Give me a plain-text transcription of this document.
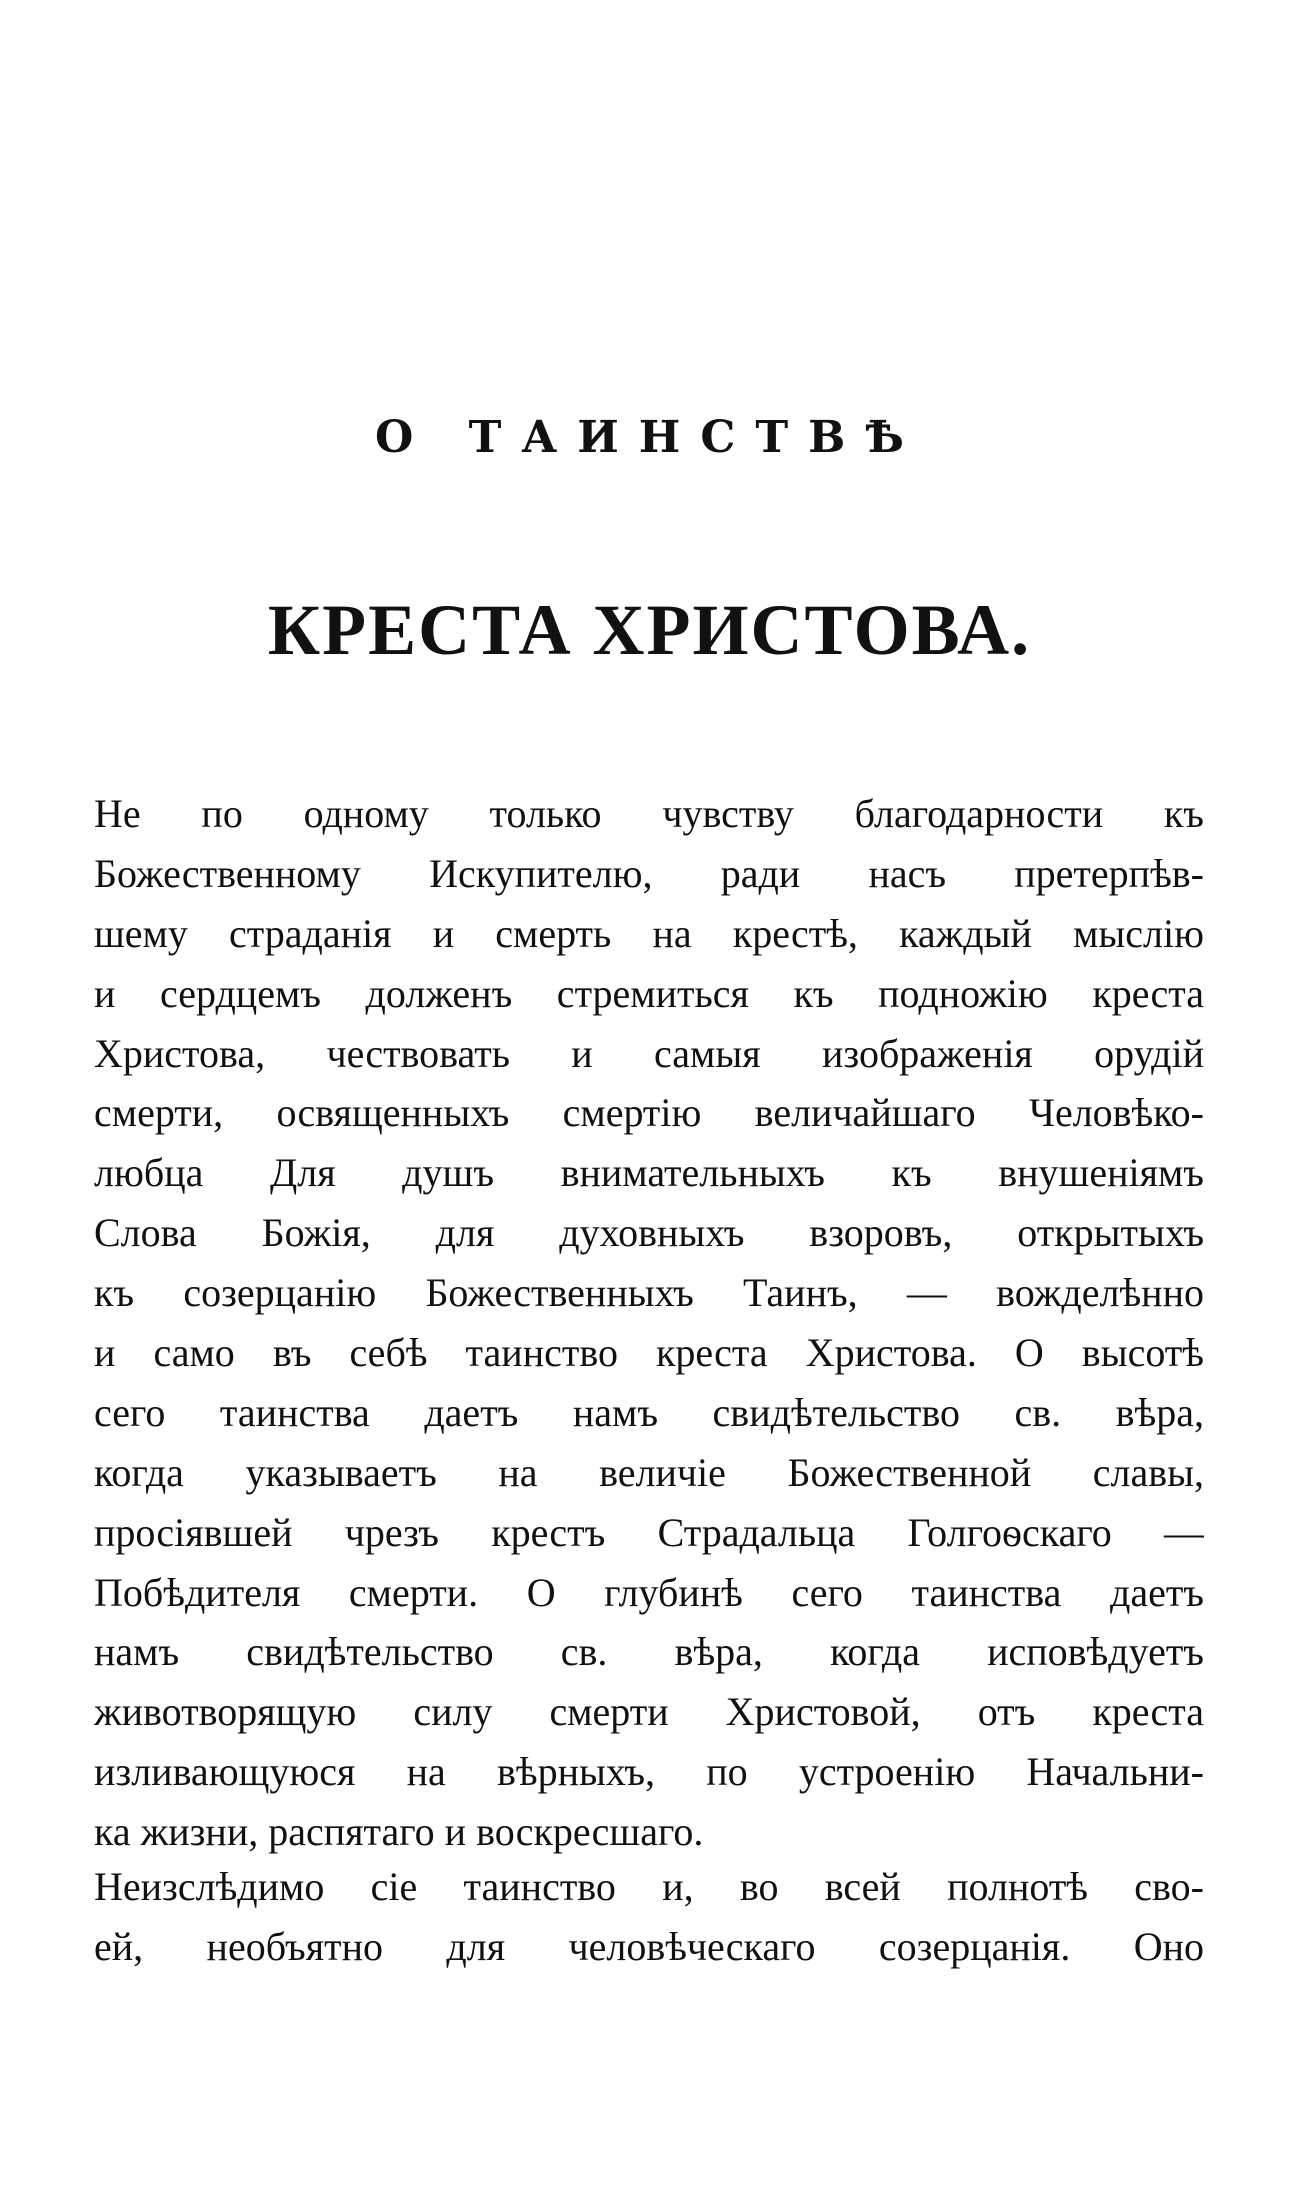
О ТАИНСТВѢ
КРЕСТА ХРИСТОВА.
Не по одному только чувству благодарности къ
Божественному Искупителю, ради насъ претерпѣв-
шему страданія и смерть на крестѣ, каждый мыслію
и сердцемъ долженъ стремиться къ подножію креста
Христова, чествовать и самыя изображенія орудій
смерти, освященныхъ смертію величайшаго Человѣко-
любца Для душъ внимательныхъ къ внушеніямъ
Слова Божія, для духовныхъ взоровъ, открытыхъ
къ созерцанію Божественныхъ Таинъ, — вожделѣнно
и само въ себѣ таинство креста Христова. О высотѣ
сего таинства даетъ намъ свидѣтельство св. вѣра,
когда указываетъ на величіе Божественной славы,
просіявшей чрезъ крестъ Страдальца Голгоѳскаго —
Побѣдителя смерти. О глубинѣ сего таинства даетъ
намъ свидѣтельство св. вѣра, когда исповѣдуетъ
животворящую силу смерти Христовой, отъ креста
изливающуюся на вѣрныхъ, по устроенію Начальни-
ка жизни, распятаго и воскресшаго.
Неизслѣдимо сіе таинство и, во всей полнотѣ сво-
ей, необъятно для человѣческаго созерцанія. Оно
